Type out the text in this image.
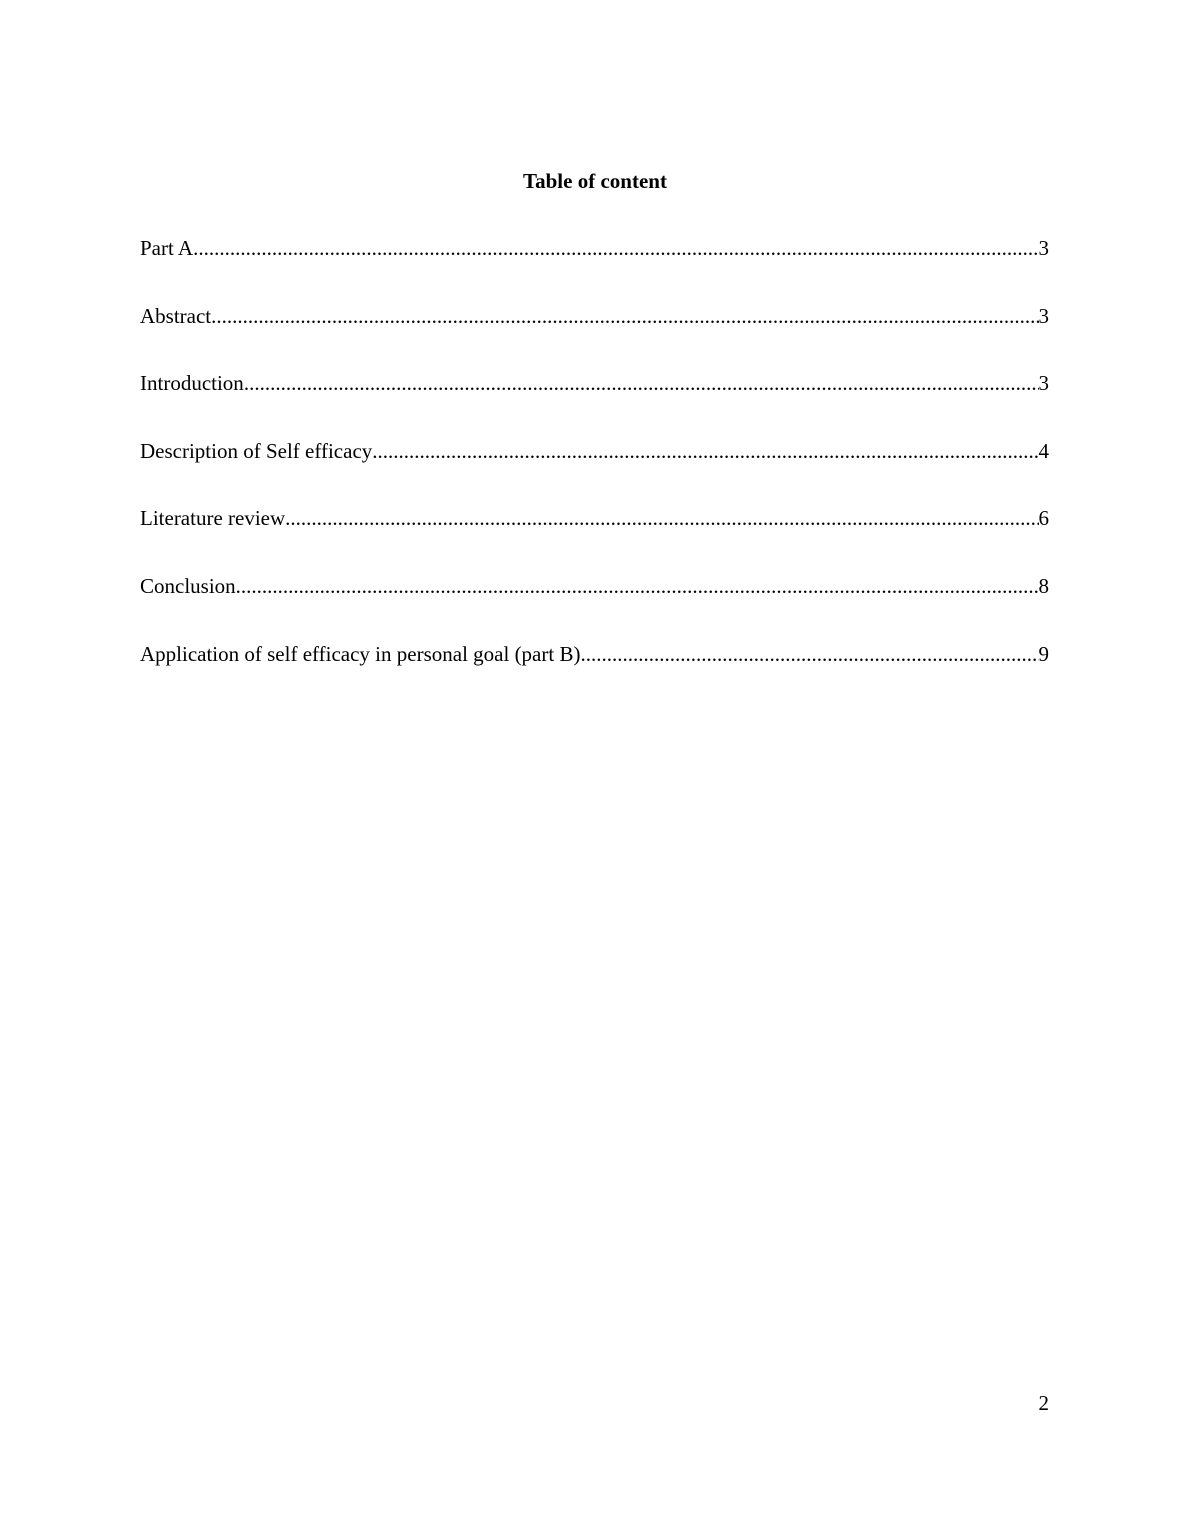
Table of content
Part A .....	3
Abstract .....	3
Introduction .....	3
Description of Self efficacy .....	4
Literature review .....	6
Conclusion .....	8
Application of self efficacy in personal goal (part B) .....	9
2
